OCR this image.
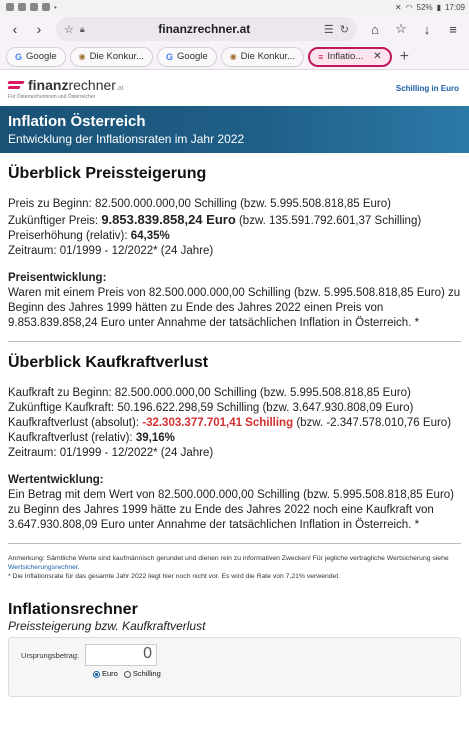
•	✕ ◠ 52% ▮ 17:09
‹	›	☆ 🔒︎	finanzrechner.at	☰ ↻	⌂	☆	↓	≡
G Google	◉ Die Konkur... G Google	◉ Die Konkur...	≡ Inflatio... ✕ +
finanzrechner.at
Für Österreicherinnen und Österreicher
Schilling in Euro
Inflation Österreich
Entwicklung der Inflationsraten im Jahr 2022
Überblick Preissteigerung
Preis zu Beginn: 82.500.000.000,00 Schilling (bzw. 5.995.508.818,85 Euro)
Zukünftiger Preis: 9.853.839.858,24 Euro (bzw. 135.591.792.601,37 Schilling)
Preiserhöhung (relativ): 64,35%
Zeitraum: 01/1999 - 12/2022* (24 Jahre)
Preisentwicklung:
Waren mit einem Preis von 82.500.000.000,00 Schilling (bzw. 5.995.508.818,85 Euro) zu Beginn des Jahres 1999 hätten zu Ende des Jahres 2022 einen Preis von 9.853.839.858,24 Euro unter Annahme der tatsächlichen Inflation in Österreich. *
Überblick Kaufkraftverlust
Kaufkraft zu Beginn: 82.500.000.000,00 Schilling (bzw. 5.995.508.818,85 Euro)
Zukünftige Kaufkraft: 50.196.622.298,59 Schilling (bzw. 3.647.930.808,09 Euro)
Kaufkraftverlust (absolut): -32.303.377.701,41 Schilling (bzw. -2.347.578.010,76 Euro)
Kaufkraftverlust (relativ): 39,16%
Zeitraum: 01/1999 - 12/2022* (24 Jahre)
Wertentwicklung:
Ein Betrag mit dem Wert von 82.500.000.000,00 Schilling (bzw. 5.995.508.818,85 Euro) zu Beginn des Jahres 1999 hätte zu Ende des Jahres 2022 noch eine Kaufkraft von 3.647.930.808,09 Euro unter Annahme der tatsächlichen Inflation in Österreich. *
Anmerkung: Sämtliche Werte sind kaufmännisch gerundet und dienen rein zu informativen Zwecken! Für jegliche vertragliche Wertsicherung siehe Wertsicherungsrechner.
* Die Inflationsrate für das gesamte Jahr 2022 liegt hier noch nicht vor. Es wird die Rate von 7,21% verwendet.
Inflationsrechner
Preissteigerung bzw. Kaufkraftverlust
Ursprungsbetrag:	0
Euro	Schilling
